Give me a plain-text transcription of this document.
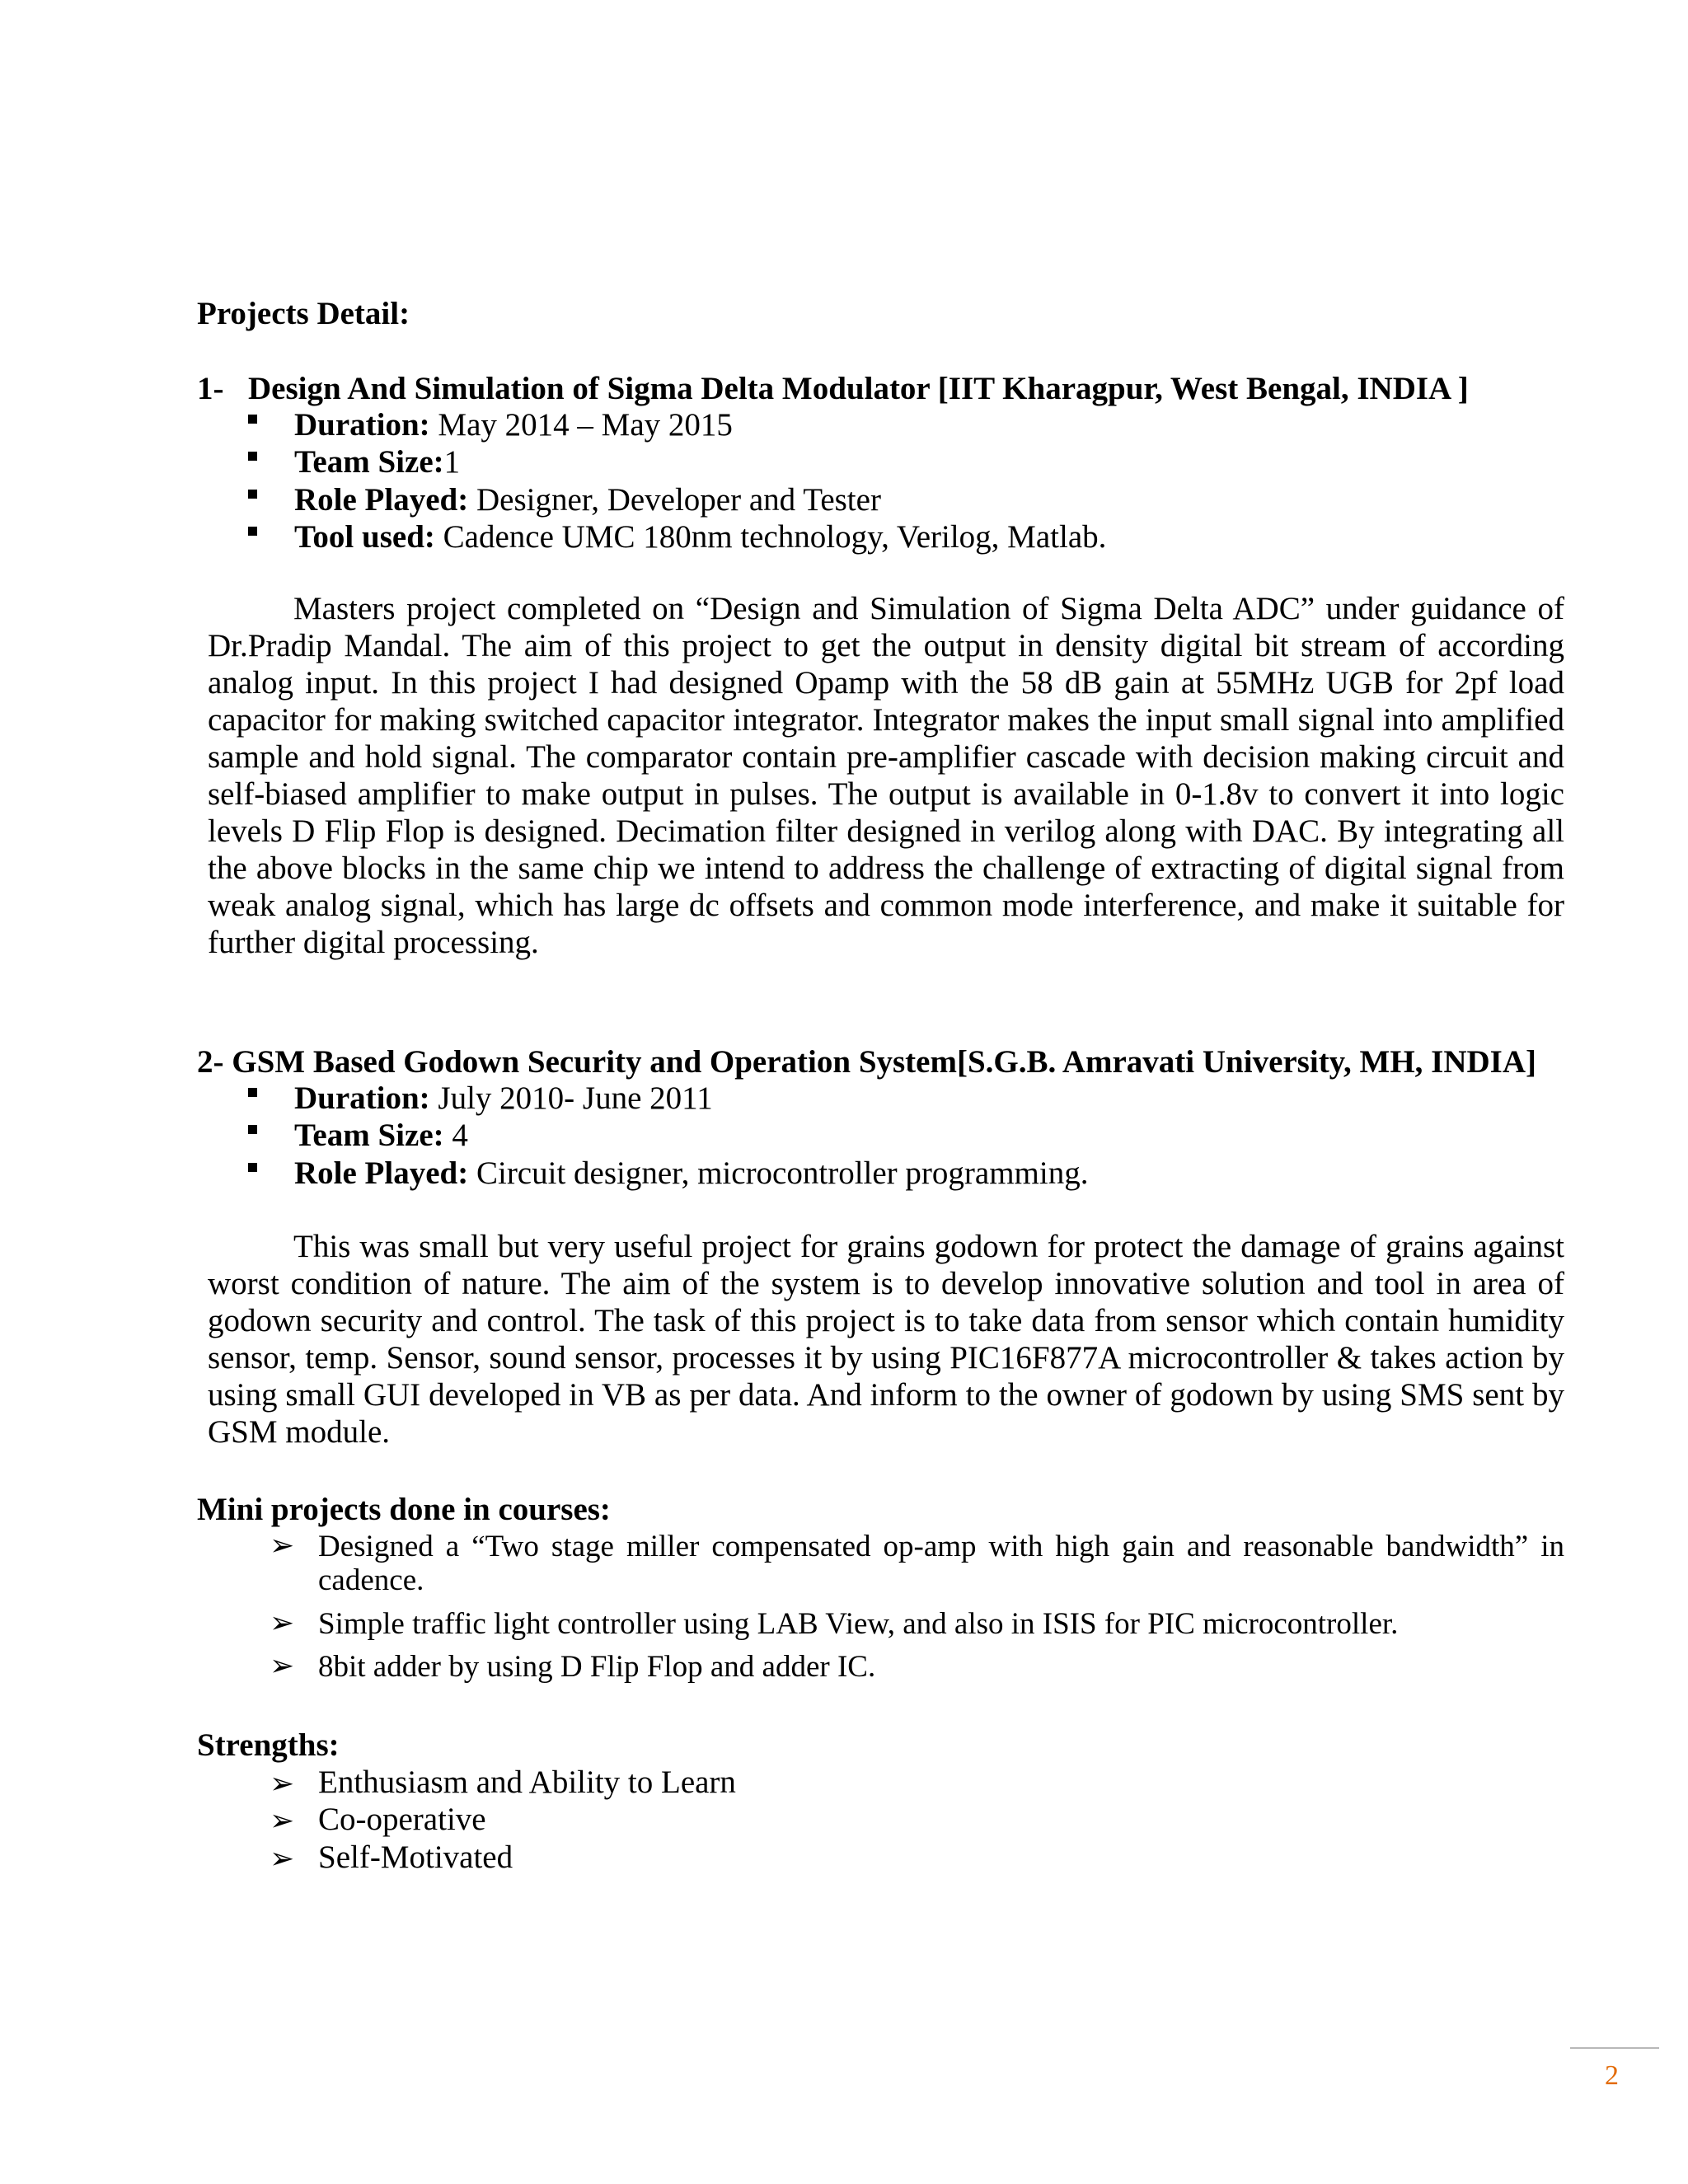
Projects Detail:
1- Design And Simulation of Sigma Delta Modulator [IIT Kharagpur, West Bengal, INDIA ]
Duration: May 2014 – May 2015
Team Size:1
Role Played: Designer, Developer and Tester
Tool used: Cadence UMC 180nm technology, Verilog, Matlab.

Masters project completed on “Design and Simulation of Sigma Delta ADC” under guidance of Dr.Pradip Mandal. The aim of this project to get the output in density digital bit stream of according analog input. In this project I had designed Opamp with the 58 dB gain at 55MHz UGB for 2pf load capacitor for making switched capacitor integrator. Integrator makes the input small signal into amplified sample and hold signal. The comparator contain pre-amplifier cascade with decision making circuit and self-biased amplifier to make output in pulses. The output is available in 0-1.8v to convert it into logic levels D Flip Flop is designed. Decimation filter designed in verilog along with DAC. By integrating all the above blocks in the same chip we intend to address the challenge of extracting of digital signal from weak analog signal, which has large dc offsets and common mode interference, and make it suitable for further digital processing.

2- GSM Based Godown Security and Operation System[S.G.B. Amravati University, MH, INDIA]
Duration: July 2010- June 2011
Team Size: 4
Role Played: Circuit designer, microcontroller programming.

This was small but very useful project for grains godown for protect the damage of grains against worst condition of nature. The aim of the system is to develop innovative solution and tool in area of godown security and control. The task of this project is to take data from sensor which contain humidity sensor, temp. Sensor, sound sensor, processes it by using PIC16F877A microcontroller & takes action by using small GUI developed in VB as per data. And inform to the owner of godown by using SMS sent by GSM module.

Mini projects done in courses:
➢ Designed a “Two stage miller compensated op-amp with high gain and reasonable bandwidth” in cadence.
➢ Simple traffic light controller using LAB View, and also in ISIS for PIC microcontroller.
➢ 8bit adder by using D Flip Flop and adder IC.
Strengths:
➢ Enthusiasm and Ability to Learn
➢ Co-operative
➢ Self-Motivated
2
